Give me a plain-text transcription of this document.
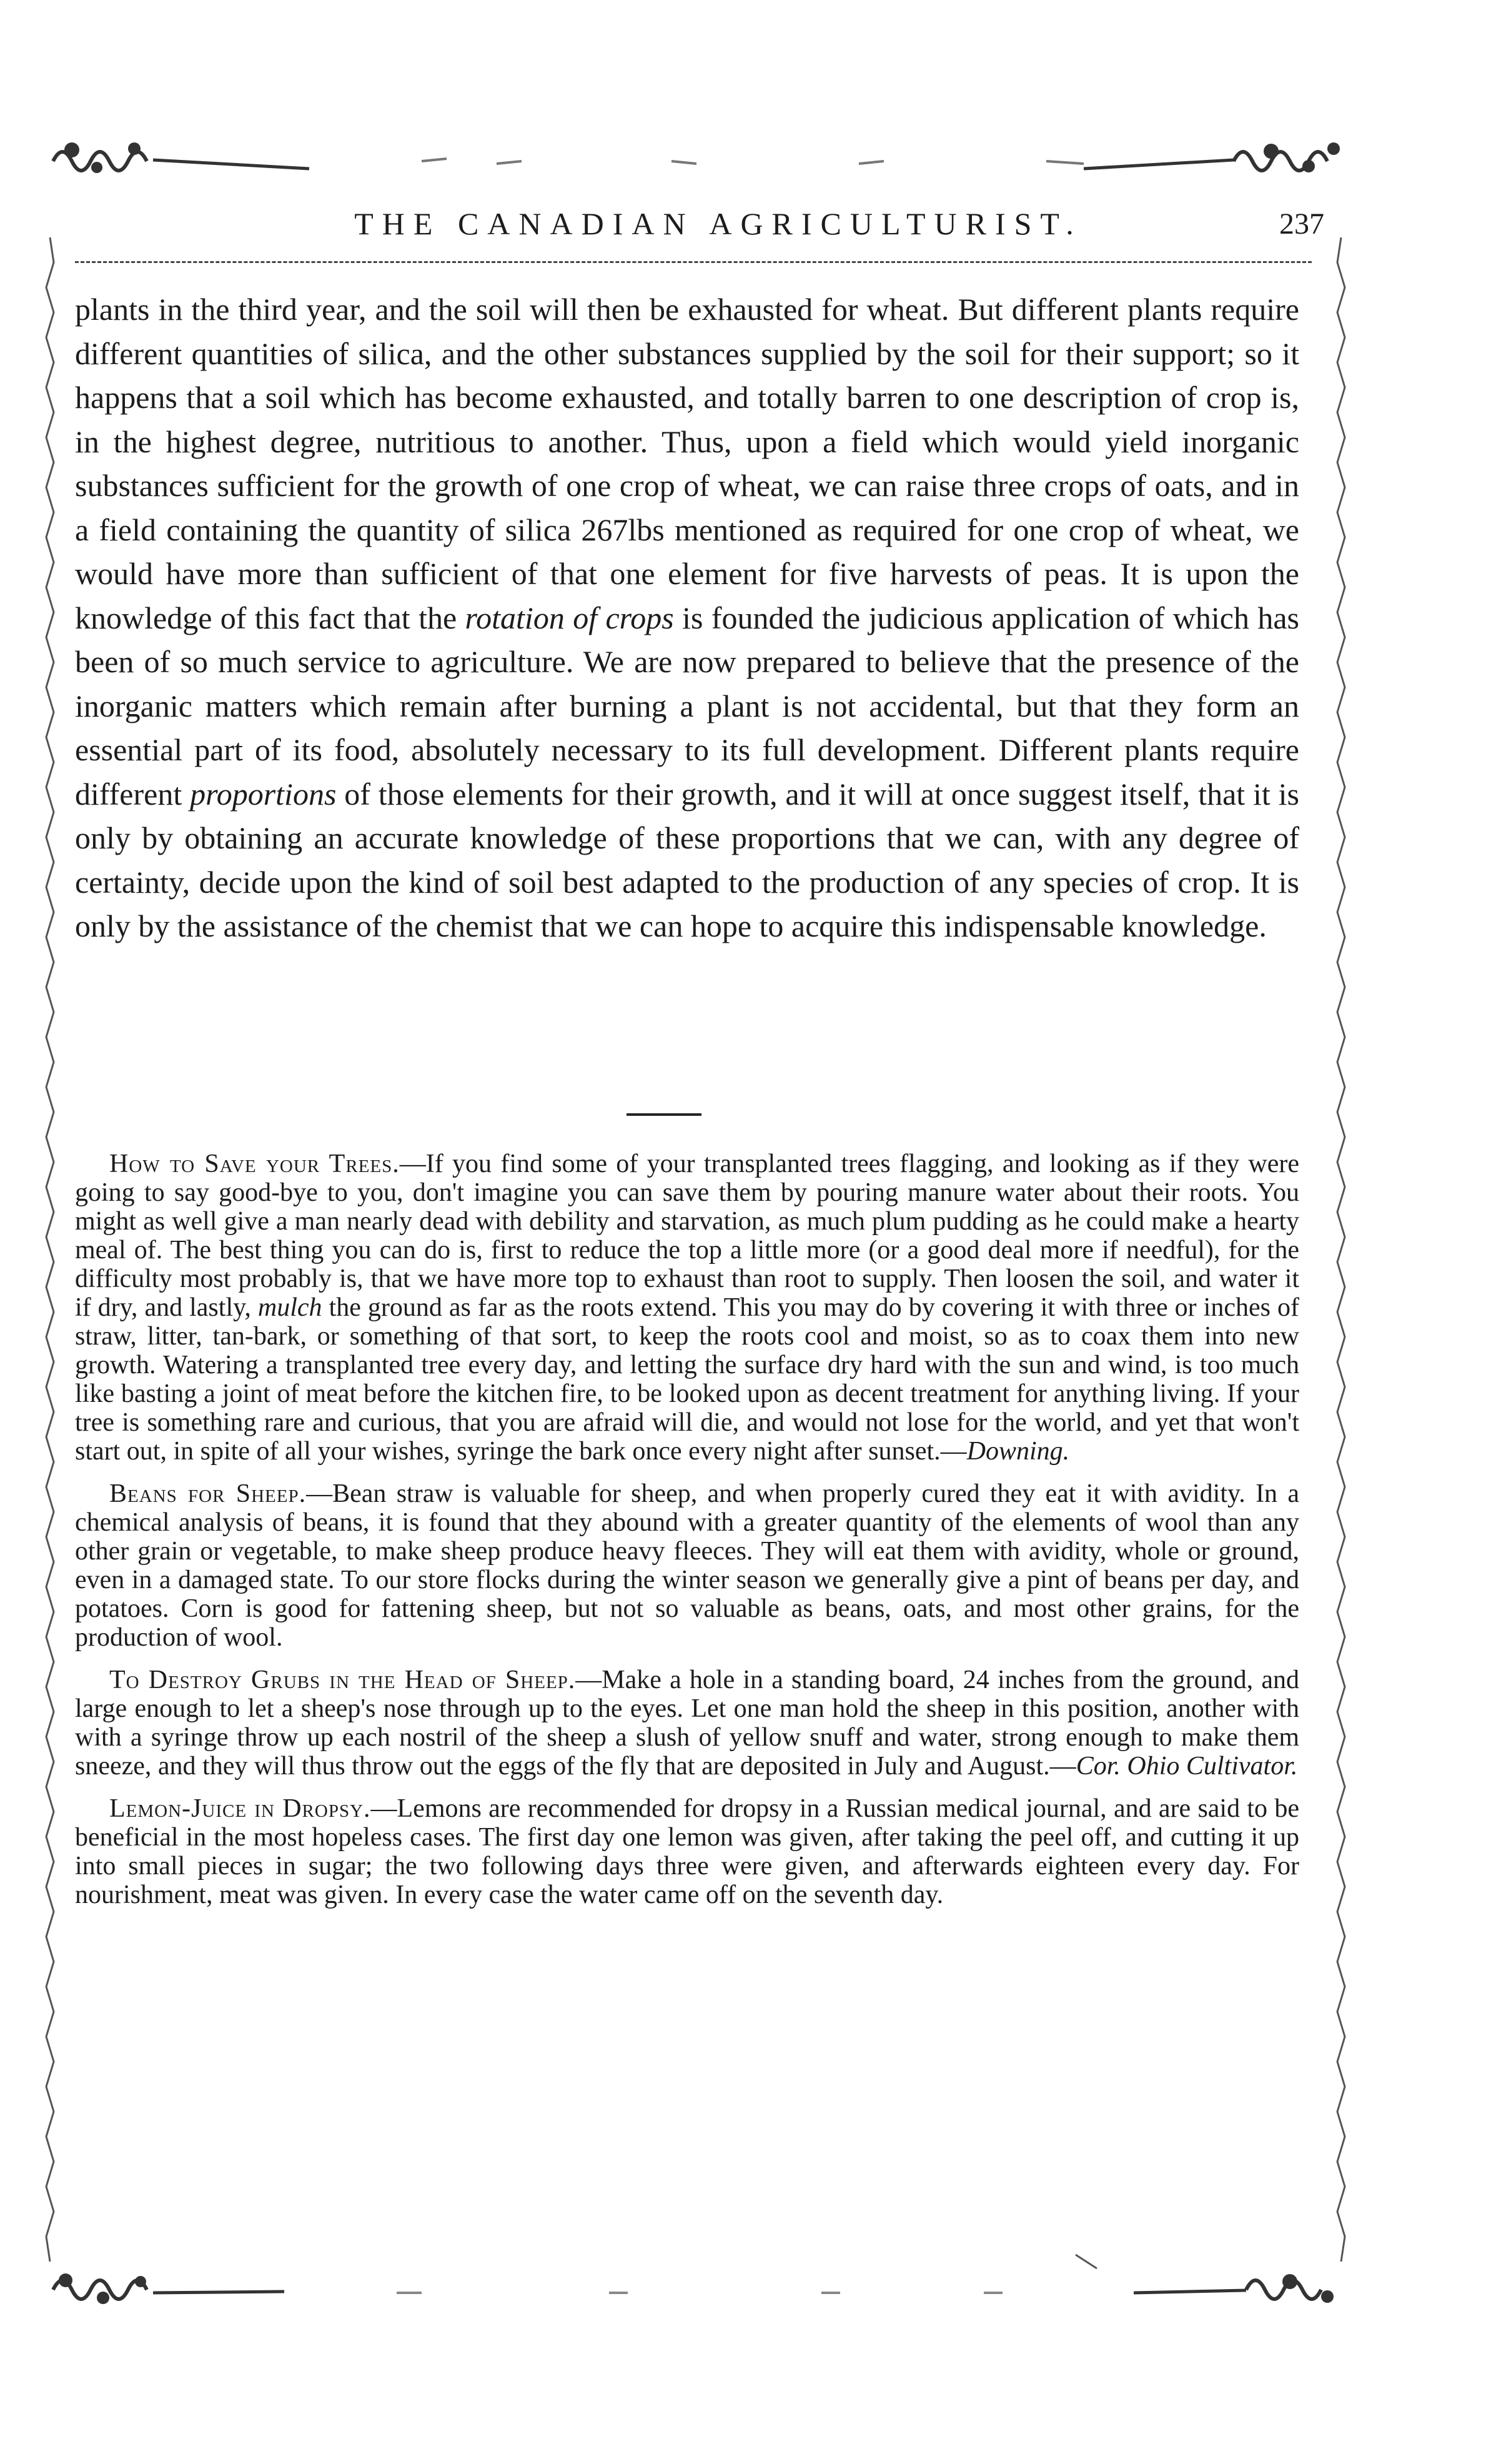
THE CANADIAN AGRICULTURIST.	237

plants in the third year, and the soil will then be exhausted for wheat. But different plants require different quantities of silica, and the other substances supplied by the soil for their support; so it happens that a soil which has become exhausted, and totally barren to one description of crop is, in the highest degree, nutritious to another. Thus, upon a field which would yield inorganic substances sufficient for the growth of one crop of wheat, we can raise three crops of oats, and in a field containing the quantity of silica 267lbs mentioned as required for one crop of wheat, we would have more than sufficient of that one element for five harvests of peas. It is upon the knowledge of this fact that the rotation of crops is founded the judicious application of which has been of so much service to agriculture. We are now prepared to believe that the presence of the inorganic matters which remain after burning a plant is not accidental, but that they form an essential part of its food, absolutely necessary to its full development. Different plants require different proportions of those elements for their growth, and it will at once suggest itself, that it is only by obtaining an accurate knowledge of these proportions that we can, with any degree of certainty, decide upon the kind of soil best adapted to the production of any species of crop. It is only by the assistance of the chemist that we can hope to acquire this indispensable knowledge.

How to Save your Trees.—If you find some of your transplanted trees flagging, and looking as if they were going to say good-bye to you, don't imagine you can save them by pouring manure water about their roots. You might as well give a man nearly dead with debility and starvation, as much plum pudding as he could make a hearty meal of. The best thing you can do is, first to reduce the top a little more (or a good deal more if needful), for the difficulty most probably is, that we have more top to exhaust than root to supply. Then loosen the soil, and water it if dry, and lastly, mulch the ground as far as the roots extend. This you may do by covering it with three or inches of straw, litter, tan-bark, or something of that sort, to keep the roots cool and moist, so as to coax them into new growth. Watering a transplanted tree every day, and letting the surface dry hard with the sun and wind, is too much like basting a joint of meat before the kitchen fire, to be looked upon as decent treatment for anything living. If your tree is something rare and curious, that you are afraid will die, and would not lose for the world, and yet that won't start out, in spite of all your wishes, syringe the bark once every night after sunset.—Downing.

Beans for Sheep.—Bean straw is valuable for sheep, and when properly cured they eat it with avidity. In a chemical analysis of beans, it is found that they abound with a greater quantity of the elements of wool than any other grain or vegetable, to make sheep produce heavy fleeces. They will eat them with avidity, whole or ground, even in a damaged state. To our store flocks during the winter season we generally give a pint of beans per day, and potatoes. Corn is good for fattening sheep, but not so valuable as beans, oats, and most other grains, for the production of wool.

To Destroy Grubs in the Head of Sheep.—Make a hole in a standing board, 24 inches from the ground, and large enough to let a sheep's nose through up to the eyes. Let one man hold the sheep in this position, another with with a syringe throw up each nostril of the sheep a slush of yellow snuff and water, strong enough to make them sneeze, and they will thus throw out the eggs of the fly that are deposited in July and August.—Cor. Ohio Cultivator.

Lemon-Juice in Dropsy.—Lemons are recommended for dropsy in a Russian medical journal, and are said to be beneficial in the most hopeless cases. The first day one lemon was given, after taking the peel off, and cutting it up into small pieces in sugar; the two following days three were given, and afterwards eighteen every day. For nourishment, meat was given. In every case the water came off on the seventh day.
